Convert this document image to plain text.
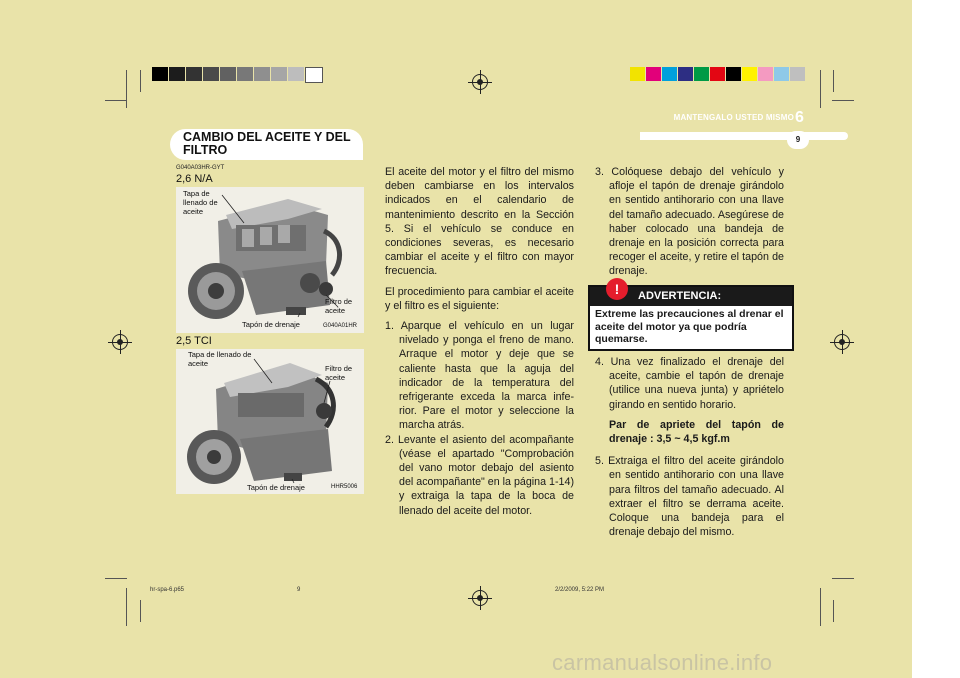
MANTENGALO USTED MISMO 6
9
CAMBIO DEL ACEITE Y DEL FILTRO
G040A03HR-GYT
2,6 N/A
Tapa de llenado de aceite
Filtro de aceite
Tapón de drenaje	G040A01HR
2,5 TCI
Tapa de llenado de aceite
Filtro de aceite
Tapón de drenaje	HHR5006

El aceite del motor y el filtro del mismo deben cambiarse en los intervalos indicados en el calendario de mantenimiento descrito en la Sección 5. Si el vehículo se conduce en condiciones severas, es necesario cambiar el aceite y el filtro con mayor frecuencia.

El procedimiento para cambiar el aceite y el filtro es el siguiente:

1. Aparque el vehículo en un lugar nivelado y ponga el freno de mano. Arraque el motor y deje que se caliente hasta que la aguja del indicador de la temperatura del refrigerante exceda la marca infe-rior. Pare el motor y seleccione la marcha atrás.
2. Levante el asiento del acompañante (véase el apartado "Comprobación del vano motor debajo del asiento del acompañante" en la página 1-14) y extraiga la tapa de la boca de llenado del aceite del motor.
3. Colóquese debajo del vehículo y afloje el tapón de drenaje girándolo en sentido antihorario con una llave del tamaño adecuado. Asegúrese de haber colocado una bandeja de drenaje en la posición correcta para recoger el aceite, y retire el tapón de drenaje.
!	ADVERTENCIA:
Extreme las precauciones al drenar el aceite del motor ya que podría quemarse.
4. Una vez finalizado el drenaje del aceite, cambie el tapón de drenaje (utilice una nueva junta) y apriételo girando en sentido horario.
Par de apriete del tapón de drenaje : 3,5 ~ 4,5 kgf.m
5. Extraiga el filtro del aceite girándolo en sentido antihorario con una llave para filtros del tamaño adecuado. Al extraer el filtro se derrama aceite. Coloque una bandeja para el drenaje debajo del mismo.
hr-spa-6.p65	9	2/2/2009, 5:22 PM
carmanualsonline.info
